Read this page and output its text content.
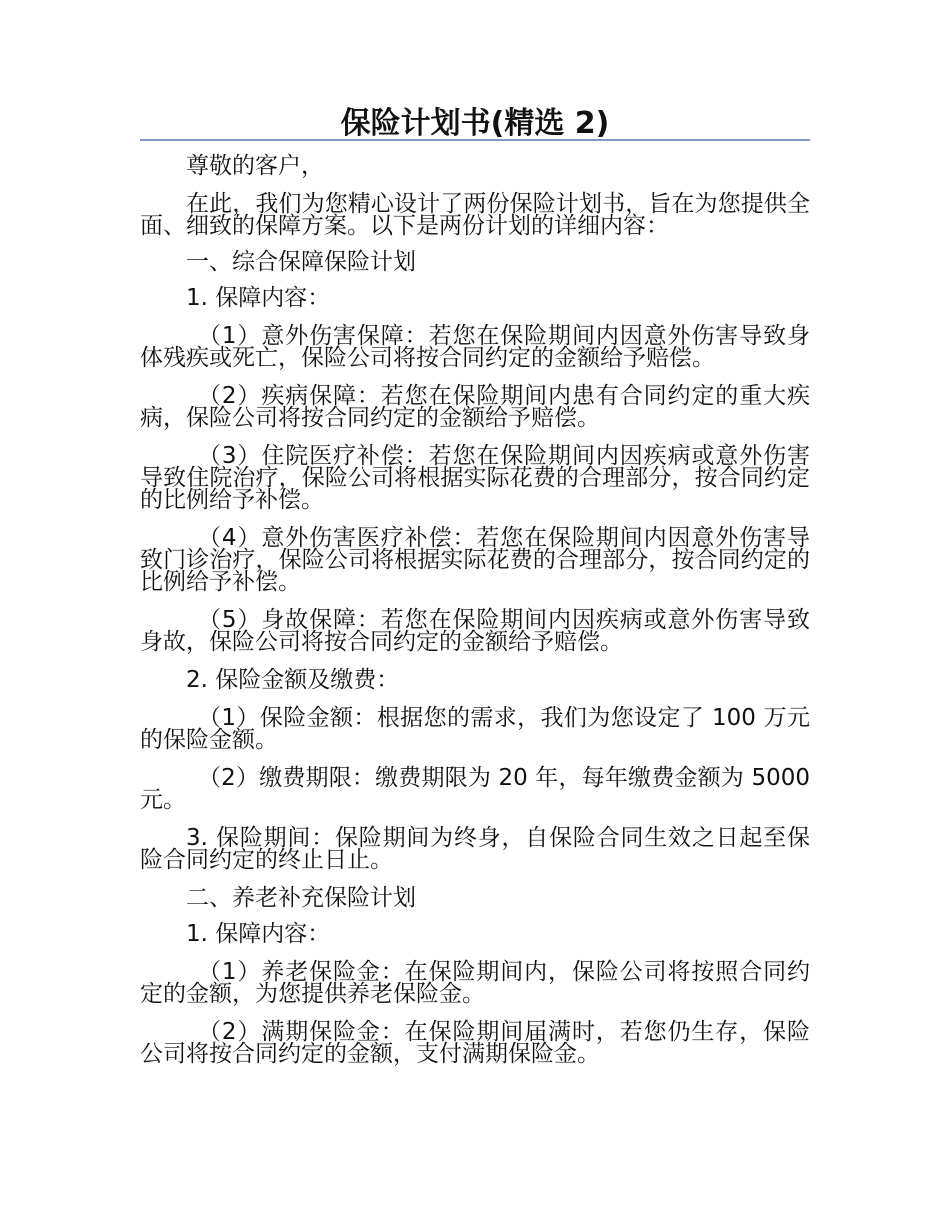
保险计划书(精选 2)

尊敬的客户，

在此，我们为您精心设计了两份保险计划书，旨在为您提供全面、细致的保障方案。以下是两份计划的详细内容：

一、综合保障保险计划

1. 保障内容：

（1）意外伤害保障：若您在保险期间内因意外伤害导致身体残疾或死亡，保险公司将按合同约定的金额给予赔偿。

（2）疾病保障：若您在保险期间内患有合同约定的重大疾病，保险公司将按合同约定的金额给予赔偿。

（3）住院医疗补偿：若您在保险期间内因疾病或意外伤害导致住院治疗，保险公司将根据实际花费的合理部分，按合同约定的比例给予补偿。

（4）意外伤害医疗补偿：若您在保险期间内因意外伤害导致门诊治疗，保险公司将根据实际花费的合理部分，按合同约定的比例给予补偿。

（5）身故保障：若您在保险期间内因疾病或意外伤害导致身故，保险公司将按合同约定的金额给予赔偿。

2. 保险金额及缴费：

（1）保险金额：根据您的需求，我们为您设定了 100 万元的保险金额。

（2）缴费期限：缴费期限为 20 年，每年缴费金额为 5000 元。

3. 保险期间：保险期间为终身，自保险合同生效之日起至保险合同约定的终止日止。

二、养老补充保险计划

1. 保障内容：

（1）养老保险金：在保险期间内，保险公司将按照合同约定的金额，为您提供养老保险金。

（2）满期保险金：在保险期间届满时，若您仍生存，保险公司将按合同约定的金额，支付满期保险金。
